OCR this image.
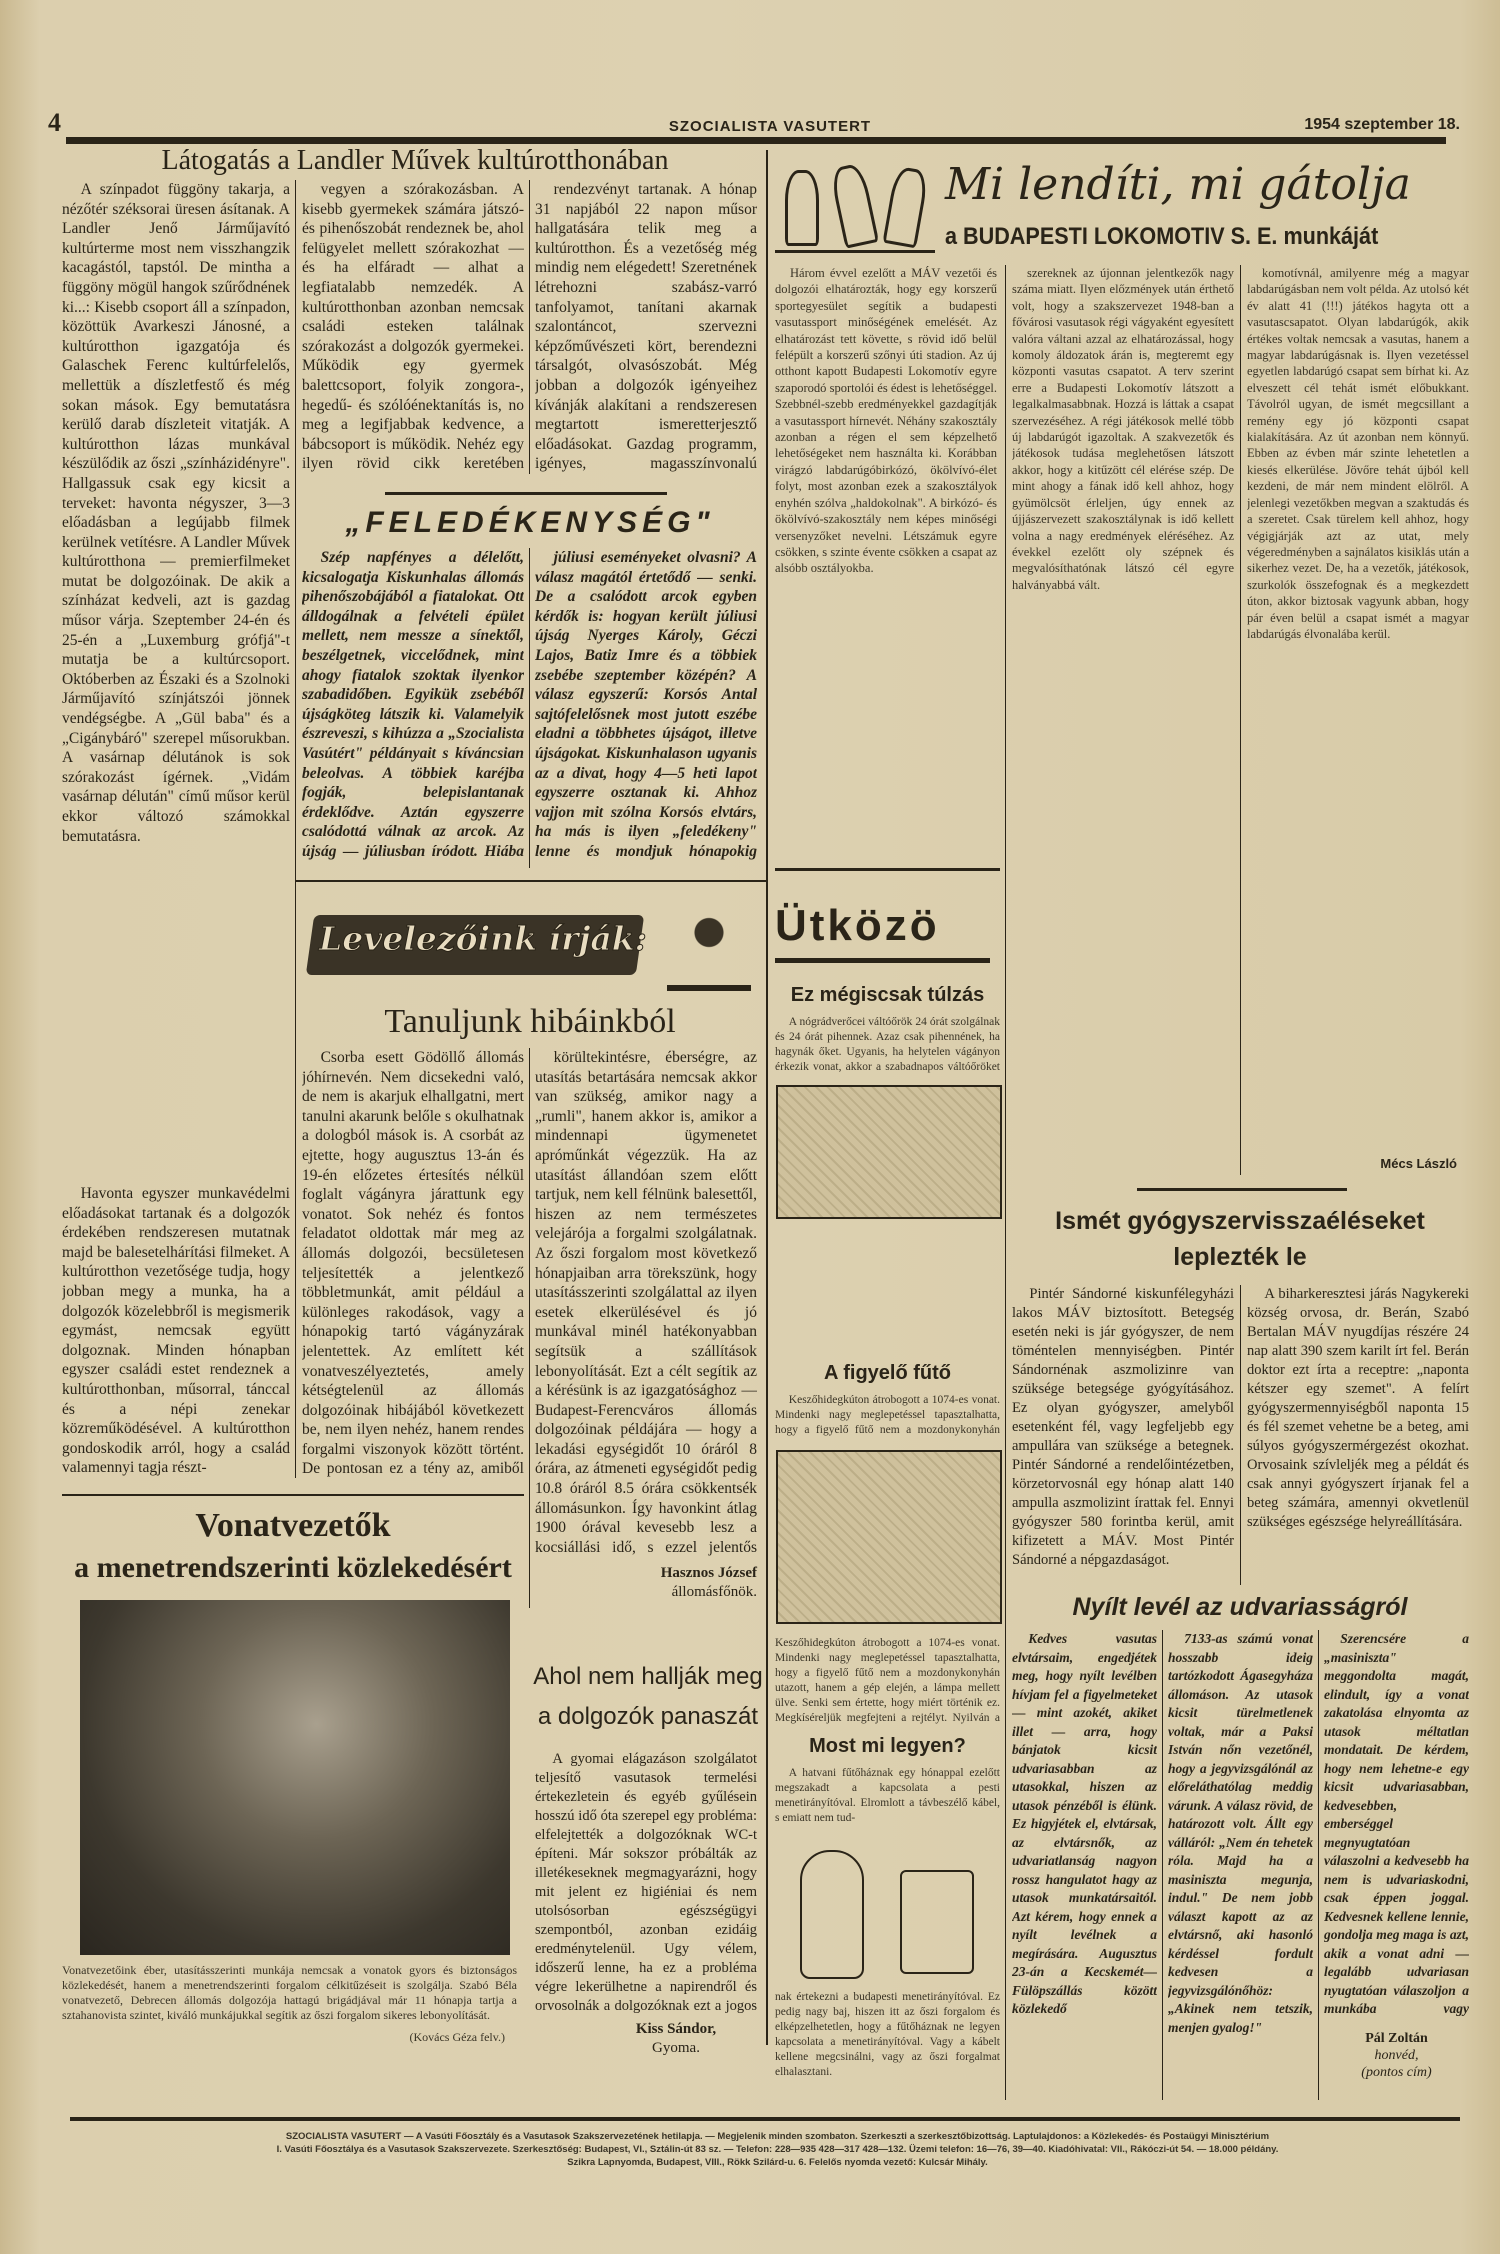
4	SZOCIALISTA VASUTERT	1954 szeptember 18.
Látogatás a Landler Művek kultúrotthonában

A színpadot függöny takarja, a nézőtér széksorai üresen ásítanak. A Landler Jenő Járműjavító kultúrterme most nem visszhangzik kacagástól, tapstól. De mintha a függöny mögül hangok szűrődnének ki...: Kisebb csoport áll a színpadon, közöttük Avarkeszi Jánosné, a kultúrotthon igazgatója és Galaschek Ferenc kultúrfelelős, mellettük a díszletfestő és még sokan mások. Egy bemutatásra kerülő darab díszleteit vitatják. A kultúrotthon lázas munkával készülődik az őszi „színházidényre". Hallgassuk csak egy kicsit a terveket: havonta négyszer, 3—3 előadásban a legújabb filmek kerülnek vetítésre. A Landler Művek kultúrotthona — premierfilmeket mutat be dolgozóinak. De akik a színházat kedveli, azt is gazdag műsor várja. Szeptember 24-én és 25-én a „Luxemburg grófjá"-t mutatja be a kultúrcsoport. Októberben az Északi és a Szolnoki Járműjavító színjátszói jönnek vendégségbe. A „Gül baba" és a „Cigánybáró" szerepel műsorukban. A vasárnap délutánok is sok szórakozást ígérnek. „Vidám vasárnap délután" című műsor kerül ekkor változó számokkal bemutatásra.

Havonta egyszer munkavédelmi előadásokat tartanak és a dolgozók érdekében rendszeresen mutatnak majd be balesetelhárítási filmeket. A kultúrotthon vezetősége tudja, hogy jobban megy a munka, ha a dolgozók közelebbről is megismerik egymást, nemcsak együtt dolgoznak. Minden hónapban egyszer családi estet rendeznek a kultúrotthonban, műsorral, tánccal és a népi zenekar közreműködésével. A kultúrotthon gondoskodik arról, hogy a család valamennyi tagja részt-

vegyen a szórakozásban. A kisebb gyermekek számára játszó- és pihenőszobát rendeznek be, ahol felügyelet mellett szórakozhat — és ha elfáradt — alhat a legfiatalabb nemzedék. A kultúrotthonban azonban nemcsak családi esteken találnak szórakozást a dolgozók gyermekei. Működik egy gyermek balettcsoport, folyik zongora-, hegedű- és szólóénektanítás is, no meg a legifjabbak kedvence, a bábcsoport is működik. Nehéz egy ilyen rövid cikk keretében

rendezvényt tartanak. A hónap 31 napjából 22 napon műsor hallgatására telik meg a kultúrotthon. És a vezetőség még mindig nem elégedett! Szeretnének létrehozni szabász-varró tanfolyamot, tanítani akarnak szalontáncot, szervezni képzőművészeti kört, berendezni társalgót, olvasószobát. Még jobban a dolgozók igényeihez kívánják alakítani a rendszeresen megtartott ismeretterjesztő előadásokat. Gazdag programm, igényes, magasszínvonalú

„FELEDÉKENYSÉG"

Szép napfényes a délelőtt, kicsalogatja Kiskunhalas állomás pihenőszobájából a fiatalokat. Ott álldogálnak a felvételi épület mellett, nem messze a sínektől, beszélgetnek, viccelődnek, mint ahogy fiatalok szoktak ilyenkor szabadidőben. Egyikük zsebéből újságköteg látszik ki. Valamelyik észreveszi, s kihúzza a „Szocialista Vasútért" példányait s kíváncsian beleolvas. A többiek karéjba fogják, belepislantanak érdeklődve. Aztán egyszerre csalódottá válnak az arcok. Az újság — júliusban íródott. Hiába

júliusi eseményeket olvasni? A válasz magától értetődő — senki. De a csalódott arcok egyben kérdők is: hogyan került júliusi újság Nyerges Károly, Géczi Lajos, Batiz Imre és a többiek zsebébe szeptember középén? A válasz egyszerű: Korsós Antal sajtófelelősnek most jutott eszébe eladni a többhetes újságot, illetve újságokat. Kiskunhalason ugyanis az a divat, hogy 4—5 heti lapot egyszerre osztanak ki. Ahhoz vajjon mit szólna Korsós elvtárs, ha más is ilyen „feledékeny" lenne és mondjuk hónapokig

Levelezőink írják:
Tanuljunk hibáinkból

Csorba esett Gödöllő állomás jóhírnevén. Nem dicsekedni való, de nem is akarjuk elhallgatni, mert tanulni akarunk belőle s okulhatnak a dologból mások is. A csorbát az ejtette, hogy augusztus 13-án és 19-én előzetes értesítés nélkül foglalt vágányra járattunk egy vonatot. Sok nehéz és fontos feladatot oldottak már meg az állomás dolgozói, becsületesen teljesítették a jelentkező többletmunkát, amit például a különleges rakodások, vagy a hónapokig tartó vágányzárak jelentettek. Az említett két vonatveszélyeztetés, amely kétségtelenül az állomás dolgozóinak hibájából következett be, nem ilyen nehéz, hanem rendes forgalmi viszonyok között történt. De pontosan ez a tény az, amiből

körültekintésre, éberségre, az utasítás betartására nemcsak akkor van szükség, amikor nagy a „rumli", hanem akkor is, amikor a mindennapi ügymenetet apróműnkát végezzük. Ha az utasítást állandóan szem előtt tartjuk, nem kell félnünk balesettől, hiszen az nem természetes velejárója a forgalmi szolgálatnak. Az őszi forgalom most következő hónapjaiban arra törekszünk, hogy utasításszerinti szolgálattal az ilyen esetek elkerülésével és jó munkával minél hatékonyabban segítsük a szállítások lebonyolítását. Ezt a célt segítik az a kérésünk is az igazgatósághoz — Budapest-Ferencváros állomás dolgozóinak példájára — hogy a lekadási egységidőt 10 óráról 8 órára, az átmeneti egységidőt pedig 10.8 óráról 8.5 órára csökkentsék állomásunkon. Így havonkint átlag 1900 órával kevesebb lesz a kocsiállási idő, s ezzel jelentős

Hasznos József
állomásfőnök.
Vonatvezetők
a menetrendszerinti közlekedésért
Vonatvezetőink éber, utasításszerinti munkája nemcsak a vonatok gyors és biztonságos közlekedését, hanem a menetrendszerinti forgalom célkitűzéseit is szolgálja. Szabó Béla vonatvezető, Debrecen állomás dolgozója hattagú brigádjával már 11 hónapja tartja a sztahanovista szintet, kiváló munkájukkal segítik az őszi forgalom sikeres lebonyolítását.
(Kovács Géza felv.)
Ahol nem hallják meg
a dolgozók panaszát

A gyomai elágazáson szolgálatot teljesítő vasutasok termelési értekezletein és egyéb gyűlésein hosszú idő óta szerepel egy probléma: elfelejtették a dolgozóknak WC-t építeni. Már sokszor próbálták az illetékeseknek megmagyarázni, hogy mit jelent ez higiéniai és nem utolsósorban egészségügyi szempontból, azonban ezidáig eredménytelenül. Ugy vélem, időszerű lenne, ha ez a probléma végre lekerülhetne a napirendről és orvosolnák a dolgozóknak ezt a jogos

Kiss Sándor,
Gyoma.
Mi lendíti, mi gátolja
a BUDAPESTI LOKOMOTIV S. E. munkáját

Három évvel ezelőtt a MÁV vezetői és dolgozói elhatározták, hogy egy korszerű sportegyesület segítik a budapesti vasutassport minőségének emelését. Az elhatározást tett követte, s rövid idő belül felépült a korszerű szőnyi úti stadion. Az új otthont kapott Budapesti Lokomotív egyre szaporodó sportolói és édest is lehetőséggel. Szebbnél-szebb eredményekkel gazdagítják a vasutassport hírnevét. Néhány szakosztály azonban a régen el sem képzelhető lehetőségeket nem használta ki. Korábban virágzó labdarúgóbirkózó, ökölvívó-élet folyt, most azonban ezek a szakosztályok enyhén szólva „haldokolnak". A birkózó- és ökölvívó-szakosztály nem képes minőségi versenyzőket nevelni. Létszámuk egyre csökken, s szinte évente csökken a csapat az alsóbb osztályokba.

szereknek az újonnan jelentkezők nagy száma miatt. Ilyen előzmények után érthető volt, hogy a szakszervezet 1948-ban a fővárosi vasutasok régi vágyaként egyesített valóra váltani azzal az elhatározással, hogy komoly áldozatok árán is, megteremt egy központi vasutas csapatot. A terv szerint erre a Budapesti Lokomotív látszott a legalkalmasabbnak. Hozzá is láttak a csapat szervezéséhez. A régi játékosok mellé több új labdarúgót igazoltak. A szakvezetők és játékosok tudása meglehetősen látszott akkor, hogy a kitűzött cél elérése szép. De mint ahogy a fának idő kell ahhoz, hogy gyümölcsöt érleljen, úgy ennek az újjászervezett szakosztálynak is idő kellett volna a nagy eredmények eléréséhez. Az évekkel ezelőtt oly szépnek és megvalósíthatónak látszó cél egyre halványabbá vált.

komotívnál, amilyenre még a magyar labdarúgásban nem volt példa. Az utolsó két év alatt 41 (!!!) játékos hagyta ott a vasutascsapatot. Olyan labdarúgók, akik értékes voltak nemcsak a vasutas, hanem a magyar labdarúgásnak is. Ilyen vezetéssel egyetlen labdarúgó csapat sem bírhat ki. Az elveszett cél tehát ismét előbukkant. Távolról ugyan, de ismét megcsillant a remény egy jó központi csapat kialakítására. Az út azonban nem könnyű. Ebben az évben már szinte lehetetlen a kiesés elkerülése. Jövőre tehát újból kell kezdeni, de már nem mindent elölről. A jelenlegi vezetőkben megvan a szaktudás és a szeretet. Csak türelem kell ahhoz, hogy végigjárják azt az utat, mely végeredményben a sajnálatos kisiklás után a sikerhez vezet. De, ha a vezetők, játékosok, szurkolók összefognak és a megkezdett úton, akkor biztosak vagyunk abban, hogy pár éven belül a csapat ismét a magyar labdarúgás élvonalába kerül.

Mécs László
Ütközö
Ez mégiscsak túlzás

A nógrádverőcei váltóőrök 24 órát szolgálnak és 24 órát pihennek. Azaz csak pihennének, ha hagynák őket. Ugyanis, ha helytelen vágányon érkezik vonat, akkor a szabadnapos váltóőröket

A figyelő fűtő

Keszőhidegkúton átrobogott a 1074-es vonat. Mindenki nagy meglepetéssel tapasztalhatta, hogy a figyelő fűtő nem a mozdonykonyhán

Keszőhidegkúton átrobogott a 1074-es vonat. Mindenki nagy meglepetéssel tapasztalhatta, hogy a figyelő fűtő nem a mozdonykonyhán utazott, hanem a gép elején, a lámpa mellett ülve. Senki sem értette, hogy miért történik ez. Megkíséreljük megfejteni a rejtélyt. Nyilván a

Most mi legyen?

A hatvani fűtőháznak egy hónappal ezelőtt megszakadt a kapcsolata a pesti menetirányítóval. Elromlott a távbeszélő kábel, s emiatt nem tud-

nak értekezni a budapesti menetirányítóval. Ez pedig nagy baj, hiszen itt az őszi forgalom és elképzelhetetlen, hogy a fűtőháznak ne legyen kapcsolata a menetirányítóval. Vagy a kábelt kellene megcsinálni, vagy az őszi forgalmat elhalasztani.

Ismét gyógyszervisszaéléseket
leplezték le

Pintér Sándorné kiskunfélegyházi lakos MÁV biztosított. Betegség esetén neki is jár gyógyszer, de nem töméntelen mennyiségben. Pintér Sándornénak aszmolizinre van szüksége betegsége gyógyításához. Ez olyan gyógyszer, amelyből esetenként fél, vagy legfeljebb egy ampullára van szüksége a betegnek. Pintér Sándorné a rendelőintézetben, körzetorvosnál egy hónap alatt 140 ampulla aszmolizint írattak fel. Ennyi gyógyszer 580 forintba kerül, amit kifizetett a MÁV. Most Pintér Sándorné a népgazdaságot.

A biharkeresztesi járás Nagykereki község orvosa, dr. Berán, Szabó Bertalan MÁV nyugdíjas részére 24 nap alatt 390 szem karilt írt fel. Berán doktor ezt írta a receptre: „naponta kétszer egy szemet". A felírt gyógyszermennyiségből naponta 15 és fél szemet vehetne be a beteg, ami súlyos gyógyszermérgezést okozhat. Orvosaink szívleljék meg a példát és csak annyi gyógyszert írjanak fel a beteg számára, amennyi okvetlenül szükséges egészsége helyreállítására.

Nyílt levél az udvariasságról

Kedves vasutas elvtársaim, engedjétek meg, hogy nyílt levélben hívjam fel a figyelmeteket — mint azokét, akiket illet — arra, hogy bánjatok kicsit udvariasabban az utasokkal, hiszen az utasok pénzéből is élünk. Ez higyjétek el, elvtársak, az elvtársnők, az udvariatlanság nagyon rossz hangulatot hagy az utasok munkatársaitól. Azt kérem, hogy ennek a nyílt levélnek a megírására. Augusztus 23-án a Kecskemét—Fülöpszállás között közlekedő

7133-as számú vonat hosszabb ideig tartózkodott Ágasegyháza állomáson. Az utasok kicsit türelmetlenek voltak, már a Paksi István nőn vezetőnél, hogy a jegyvizsgálónál az előreláthatólag meddig várunk. A válasz rövid, de határozott volt. Állt egy válláról: „Nem én tehetek róla. Majd ha a masiniszta megunja, indul." De nem jobb választ kapott az az elvtársnő, aki hasonló kérdéssel fordult kedvesen a jegyvizsgálónőhöz: „Akinek nem tetszik, menjen gyalog!"

Szerencsére a „masiniszta" meggondolta magát, elindult, így a vonat zakatolása elnyomta az utasok méltatlan mondatait. De kérdem, hogy nem lehetne-e egy kicsit udvariasabban, kedvesebben, emberséggel megnyugtatóan válaszolni a kedvesebb ha nem is udvariaskodni, csak éppen joggal. Kedvesnek kellene lennie, gondolja meg maga is azt, akik a vonat adni — legalább udvariasan nyugtatóan válaszoljon a munkába vagy

Pál Zoltán
honvéd,
(pontos cím)
SZOCIALISTA VASUTERT — A Vasúti Főosztály és a Vasutasok Szakszervezetének hetilapja. — Megjelenik minden szombaton. Szerkeszti a szerkesztőbizottság. Laptulajdonos: a Közlekedés- és Postaügyi Minisztérium
I. Vasúti Főosztálya és a Vasutasok Szakszervezete. Szerkesztőség: Budapest, VI., Sztálin-út 83 sz. — Telefon: 228—935 428—317 428—132. Üzemi telefon: 16—76, 39—40. Kiadóhivatal: VII., Rákóczi-út 54. — 18.000 példány.
Szikra Lapnyomda, Budapest, VIII., Rökk Szilárd-u. 6. Felelős nyomda vezető: Kulcsár Mihály.
